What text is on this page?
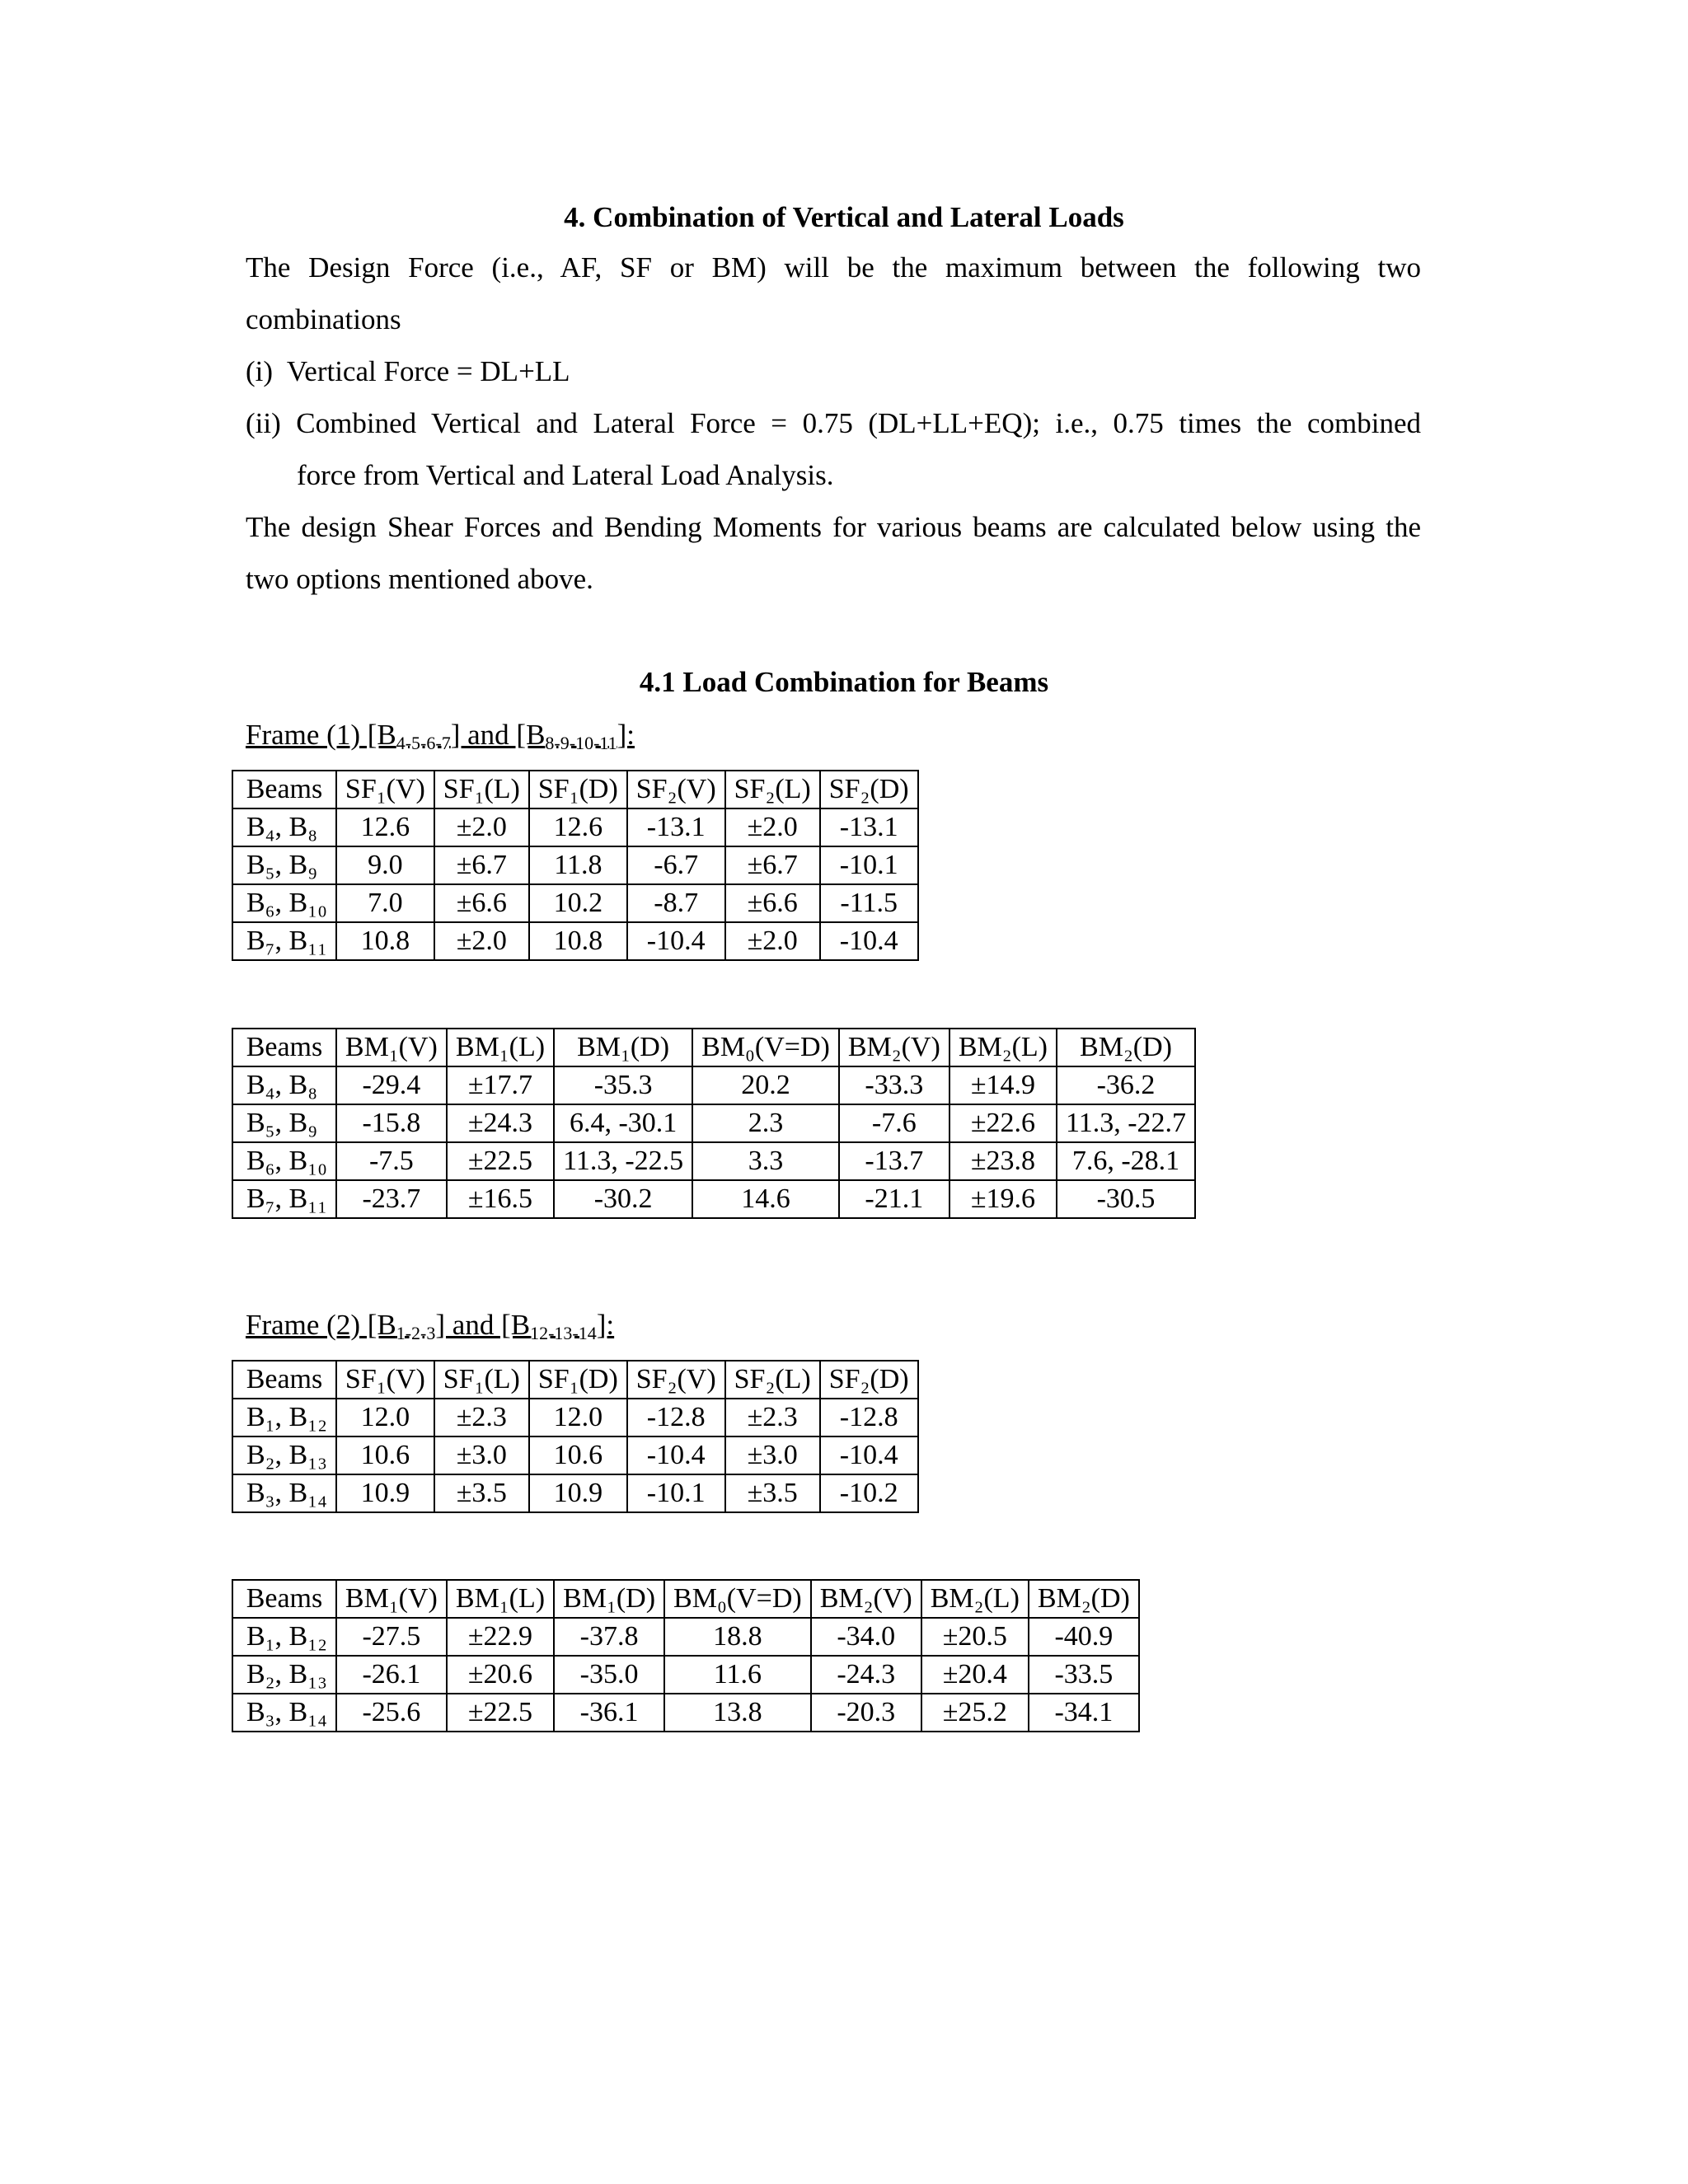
4. Combination of Vertical and Lateral Loads
The Design Force (i.e., AF, SF or BM) will be the maximum between the following two
combinations
(i)  Vertical Force = DL+LL
(ii) Combined Vertical and Lateral Force = 0.75 (DL+LL+EQ); i.e., 0.75 times the combined
force from Vertical and Lateral Load Analysis.
The design Shear Forces and Bending Moments for various beams are calculated below using the
two options mentioned above.
4.1 Load Combination for Beams
Frame (1) $[B_{4-5-6-7}]$ and $[B_{8-9-10-11}]$:
Beams	SF₁(V)	SF₁(L)	SF₁(D)	SF₂(V)	SF₂(L)	SF₂(D)
B₄, B₈	12.6	±2.0	12.6	-13.1	±2.0	-13.1
B₅, B₉	9.0	±6.7	11.8	-6.7	±6.7	-10.1
B₆, B₁₀	7.0	±6.6	10.2	-8.7	±6.6	-11.5
B₇, B₁₁	10.8	±2.0	10.8	-10.4	±2.0	-10.4
Beams	BM₁(V)	BM₁(L)	BM₁(D)	BM₀(V=D)	BM₂(V)	BM₂(L)	BM₂(D)
B₄, B₈	-29.4	±17.7	-35.3	20.2	-33.3	±14.9	-36.2
B₅, B₉	-15.8	±24.3	6.4, -30.1	2.3	-7.6	±22.6	11.3, -22.7
B₆, B₁₀	-7.5	±22.5	11.3, -22.5	3.3	-13.7	±23.8	7.6, -28.1
B₇, B₁₁	-23.7	±16.5	-30.2	14.6	-21.1	±19.6	-30.5
Frame (2) $[B_{1-2-3}]$ and $[B_{12-13-14}]$:
Beams	SF₁(V)	SF₁(L)	SF₁(D)	SF₂(V)	SF₂(L)	SF₂(D)
B₁, B₁₂	12.0	±2.3	12.0	-12.8	±2.3	-12.8
B₂, B₁₃	10.6	±3.0	10.6	-10.4	±3.0	-10.4
B₃, B₁₄	10.9	±3.5	10.9	-10.1	±3.5	-10.2
Beams	BM₁(V)	BM₁(L)	BM₁(D)	BM₀(V=D)	BM₂(V)	BM₂(L)	BM₂(D)
B₁, B₁₂	-27.5	±22.9	-37.8	18.8	-34.0	±20.5	-40.9
B₂, B₁₃	-26.1	±20.6	-35.0	11.6	-24.3	±20.4	-33.5
B₃, B₁₄	-25.6	±22.5	-36.1	13.8	-20.3	±25.2	-34.1
